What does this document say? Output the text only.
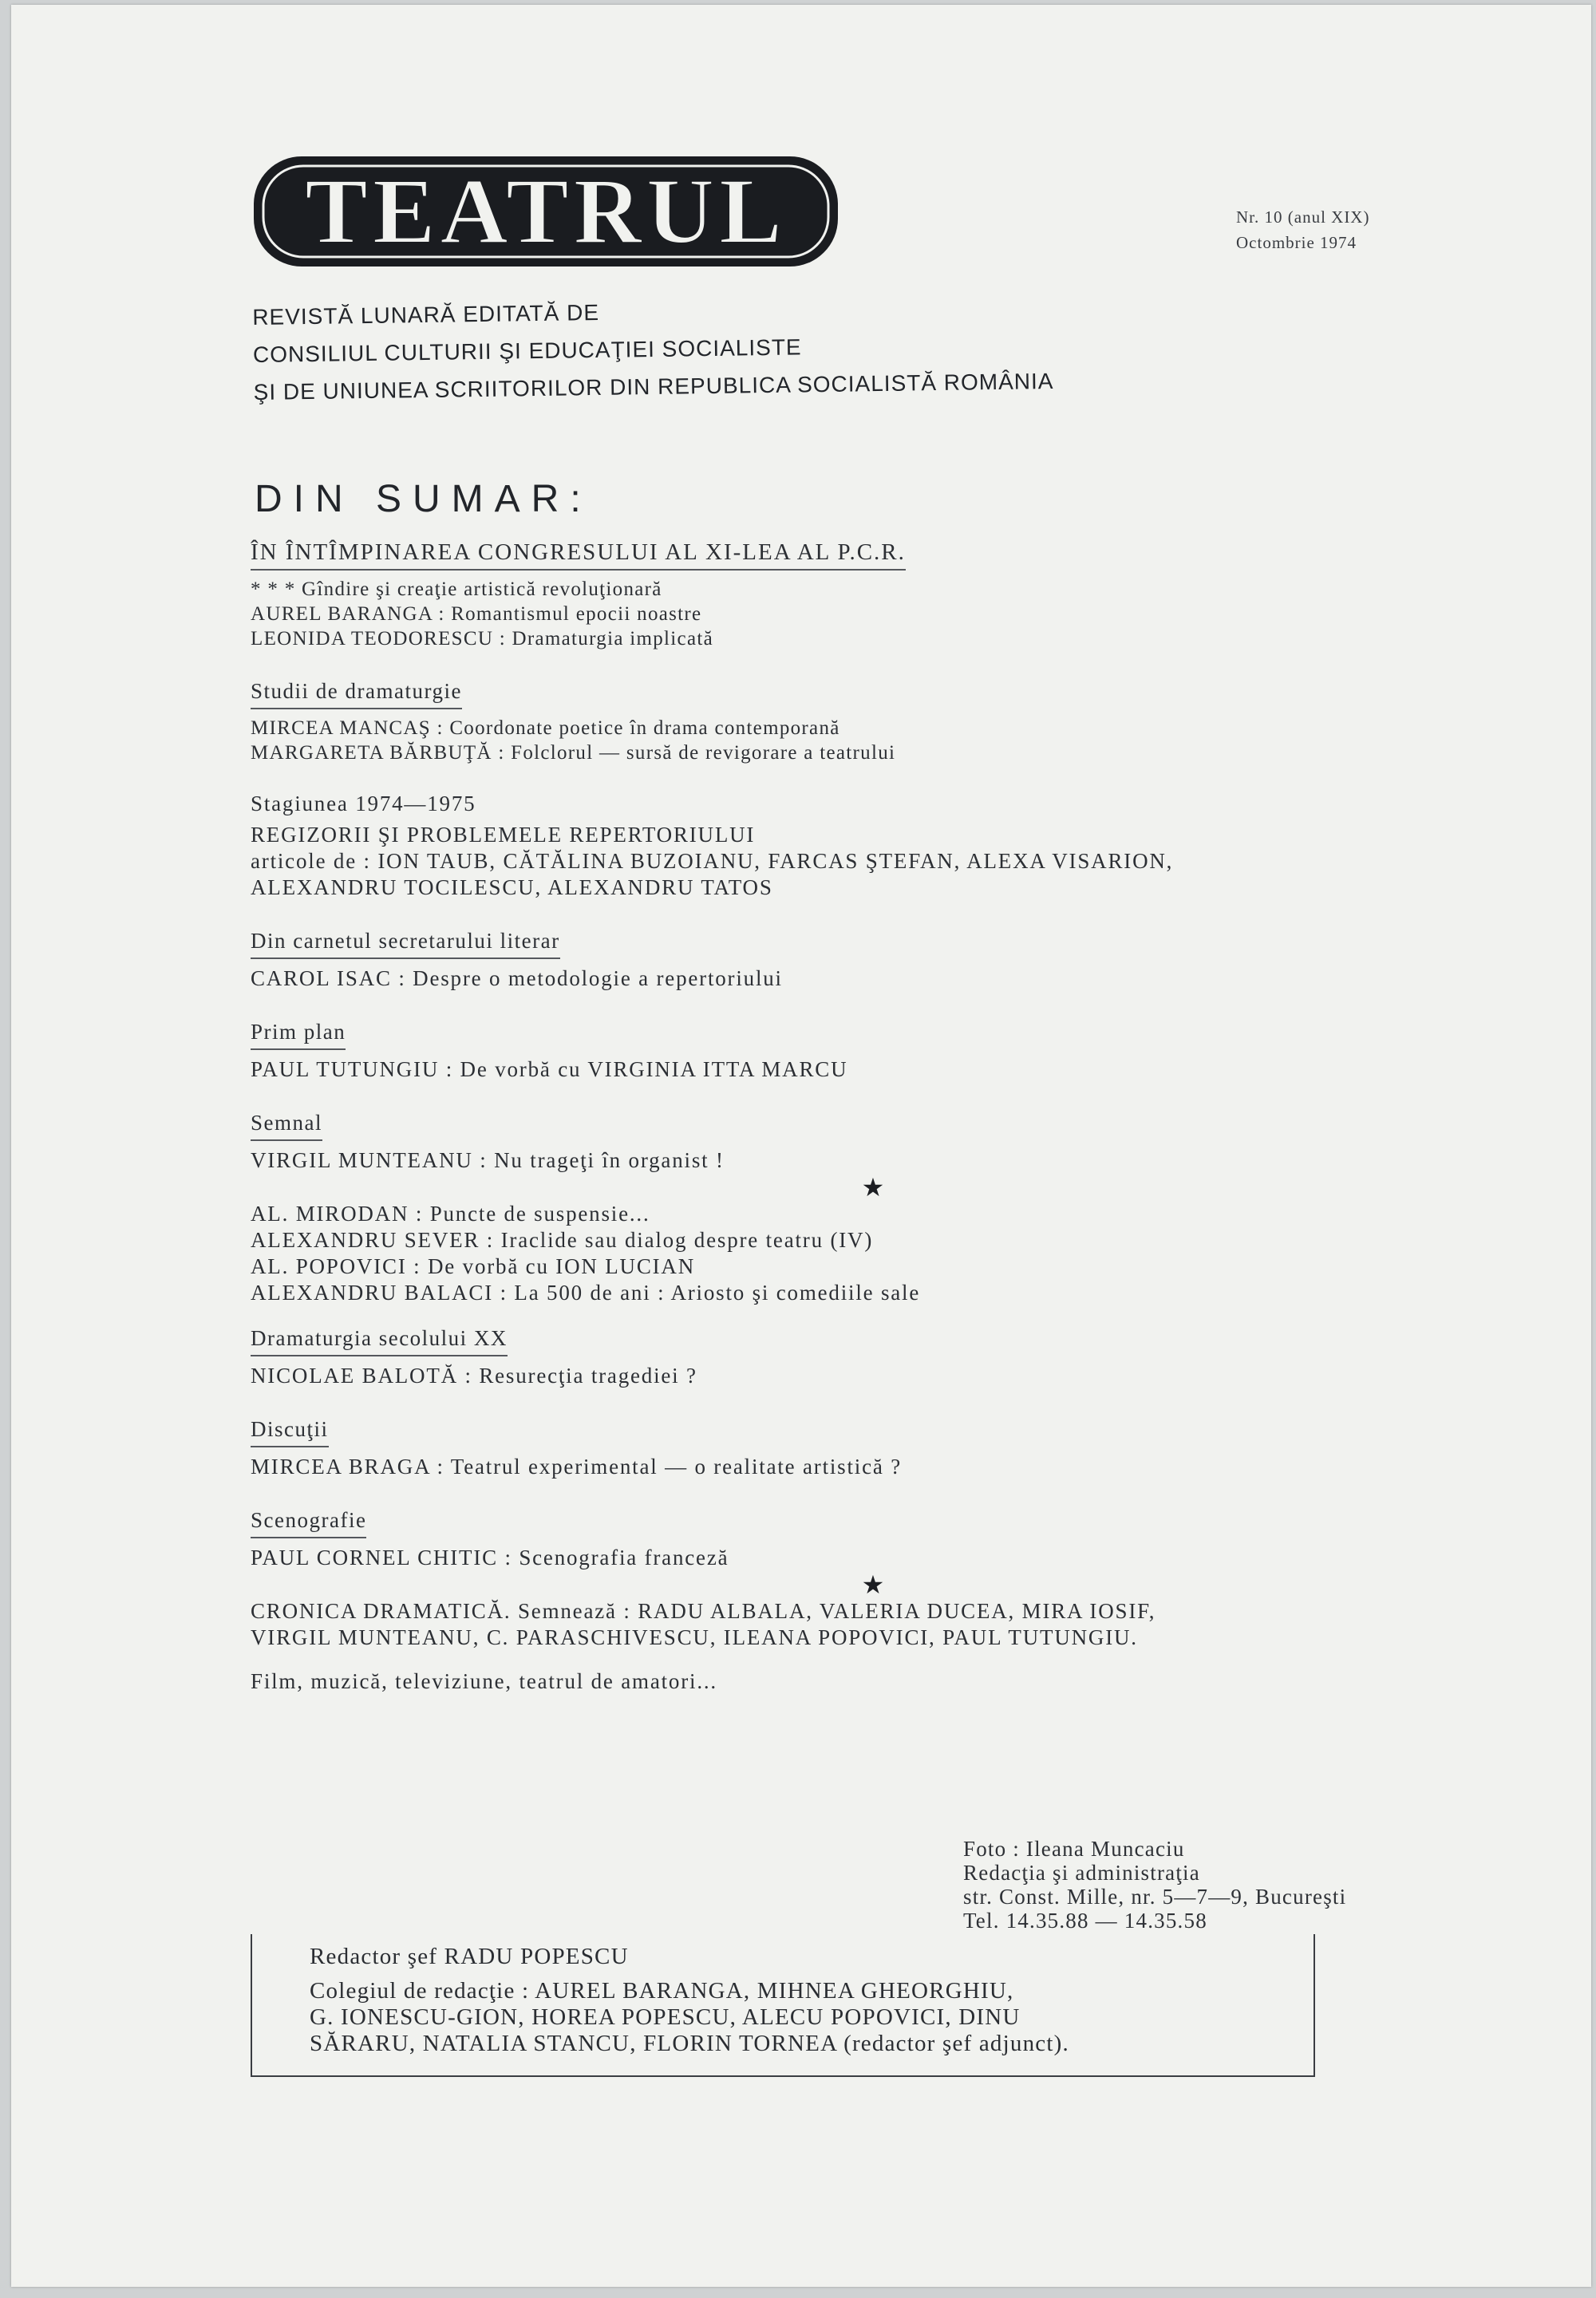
TEATRUL	Nr. 10 (anul XIX)
Octombrie 1974
REVISTĂ LUNARĂ EDITATĂ DE
CONSILIUL CULTURII ŞI EDUCAŢIEI SOCIALISTE
ŞI DE UNIUNEA SCRIITORILOR DIN REPUBLICA SOCIALISTĂ ROMÂNIA
DIN SUMAR:
ÎN ÎNTÎMPINAREA CONGRESULUI AL XI-LEA AL P.C.R.
* * * Gîndire şi creaţie artistică revoluţionară
AUREL BARANGA : Romantismul epocii noastre
LEONIDA TEODORESCU : Dramaturgia implicată
Studii de dramaturgie
MIRCEA MANCAŞ : Coordonate poetice în drama contemporană
MARGARETA BĂRBUŢĂ : Folclorul — sursă de revigorare a teatrului
Stagiunea 1974—1975
REGIZORII ŞI PROBLEMELE REPERTORIULUI
articole de : ION TAUB, CĂTĂLINA BUZOIANU, FARCAS ŞTEFAN, ALEXA VISARION,
ALEXANDRU TOCILESCU, ALEXANDRU TATOS
Din carnetul secretarului literar
CAROL ISAC : Despre o metodologie a repertoriului
Prim plan
PAUL TUTUNGIU : De vorbă cu VIRGINIA ITTA MARCU
Semnal
VIRGIL MUNTEANU : Nu trageţi în organist !
★
AL. MIRODAN : Puncte de suspensie...
ALEXANDRU SEVER : Iraclide sau dialog despre teatru (IV)
AL. POPOVICI : De vorbă cu ION LUCIAN
ALEXANDRU BALACI : La 500 de ani : Ariosto şi comediile sale
Dramaturgia secolului XX
NICOLAE BALOTĂ : Resurecţia tragediei ?
Discuţii
MIRCEA BRAGA : Teatrul experimental — o realitate artistică ?
Scenografie
PAUL CORNEL CHITIC : Scenografia franceză
★
CRONICA DRAMATICĂ. Semnează : RADU ALBALA, VALERIA DUCEA, MIRA IOSIF,
VIRGIL MUNTEANU, C. PARASCHIVESCU, ILEANA POPOVICI, PAUL TUTUNGIU.
Film, muzică, televiziune, teatrul de amatori...
Foto : Ileana Muncaciu
Redacţia şi administraţia
str. Const. Mille, nr. 5—7—9, Bucureşti
Tel. 14.35.88 — 14.35.58
Redactor şef RADU POPESCU
Colegiul de redacţie : AUREL BARANGA, MIHNEA GHEORGHIU,
G. IONESCU-GION, HOREA POPESCU, ALECU POPOVICI, DINU
SĂRARU, NATALIA STANCU, FLORIN TORNEA (redactor şef adjunct).
